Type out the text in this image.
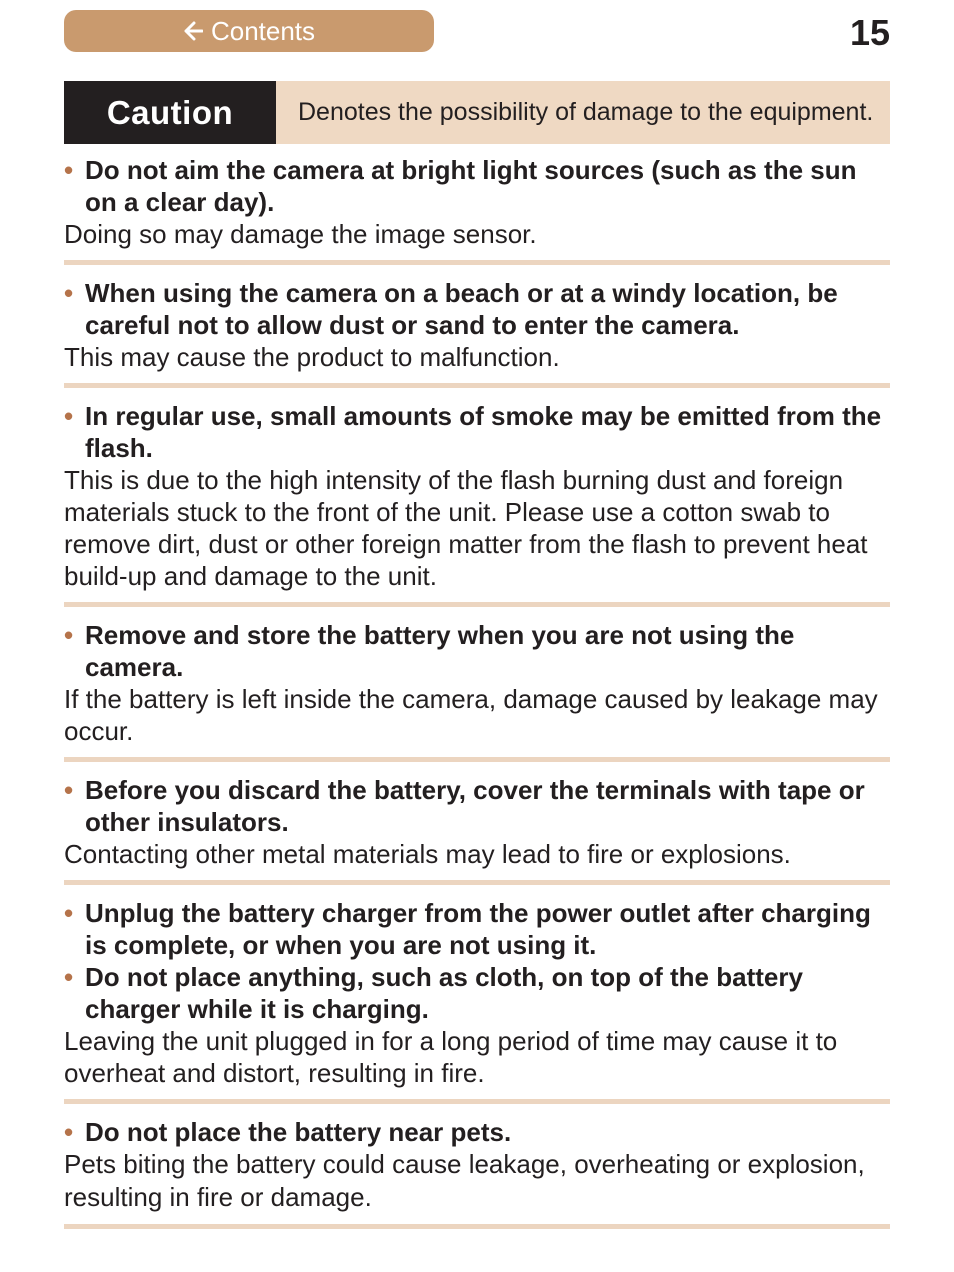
Contents	15
Caution	Denotes the possibility of damage to the equipment.
• Do not aim the camera at bright light sources (such as the sun on a clear day).
Doing so may damage the image sensor.
• When using the camera on a beach or at a windy location, be careful not to allow dust or sand to enter the camera.
This may cause the product to malfunction.
• In regular use, small amounts of smoke may be emitted from the flash.
This is due to the high intensity of the flash burning dust and foreign materials stuck to the front of the unit. Please use a cotton swab to remove dirt, dust or other foreign matter from the flash to prevent heat build-up and damage to the unit.
• Remove and store the battery when you are not using the camera.
If the battery is left inside the camera, damage caused by leakage may occur.
• Before you discard the battery, cover the terminals with tape or other insulators.
Contacting other metal materials may lead to fire or explosions.
• Unplug the battery charger from the power outlet after charging is complete, or when you are not using it.
• Do not place anything, such as cloth, on top of the battery charger while it is charging.
Leaving the unit plugged in for a long period of time may cause it to overheat and distort, resulting in fire.
• Do not place the battery near pets.
Pets biting the battery could cause leakage, overheating or explosion, resulting in fire or damage.
